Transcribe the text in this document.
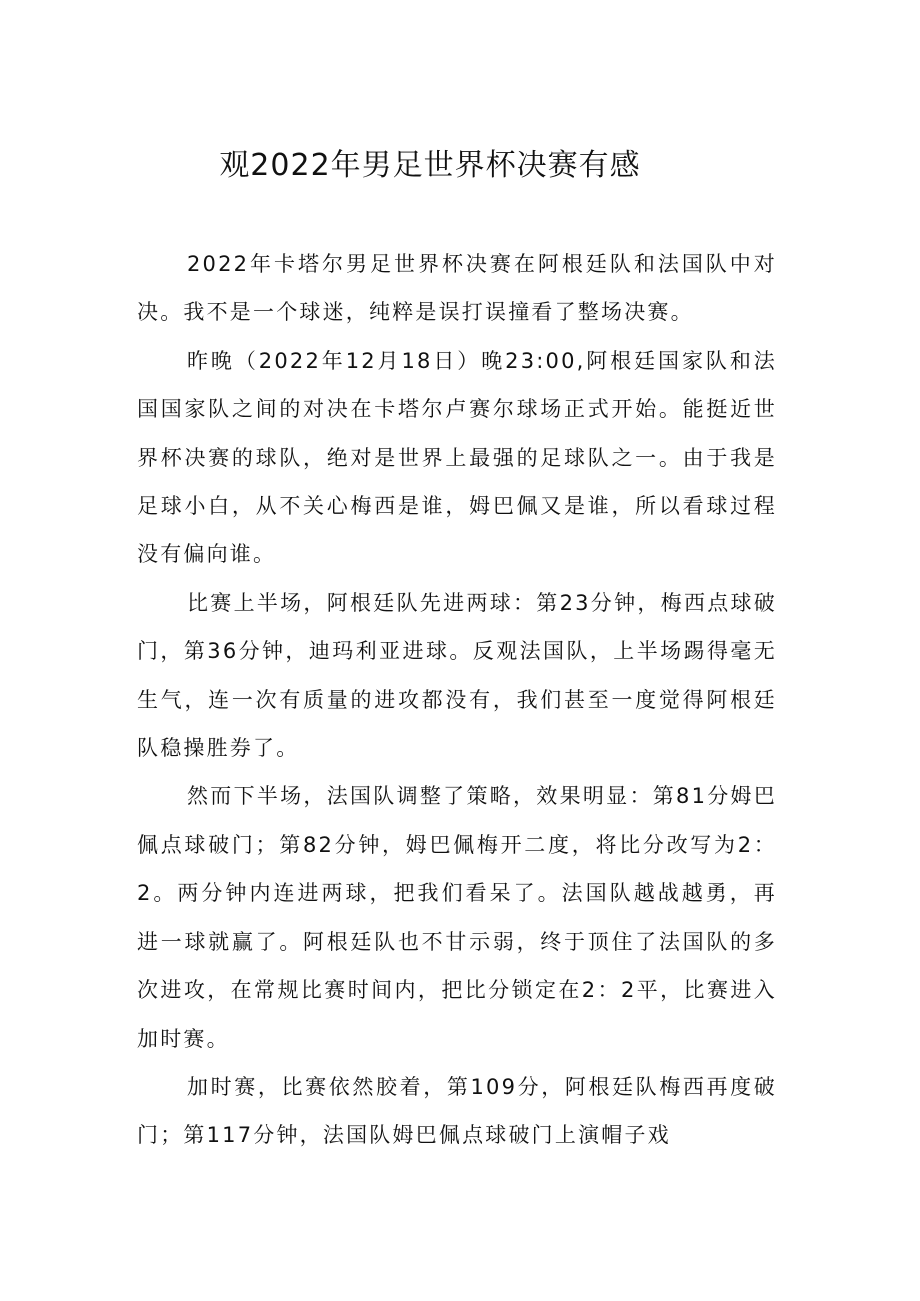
观2022年男足世界杯决赛有感

2022年卡塔尔男足世界杯决赛在阿根廷队和法国队中对决。我不是一个球迷，纯粹是误打误撞看了整场决赛。

昨晚（2022年12月18日）晚23:00,阿根廷国家队和法国国家队之间的对决在卡塔尔卢赛尔球场正式开始。能挺近世界杯决赛的球队，绝对是世界上最强的足球队之一。由于我是足球小白，从不关心梅西是谁，姆巴佩又是谁，所以看球过程没有偏向谁。

比赛上半场，阿根廷队先进两球：第23分钟，梅西点球破门，第36分钟，迪玛利亚进球。反观法国队，上半场踢得毫无生气，连一次有质量的进攻都没有，我们甚至一度觉得阿根廷队稳操胜券了。

然而下半场，法国队调整了策略，效果明显：第81分姆巴佩点球破门；第82分钟，姆巴佩梅开二度，将比分改写为2：2。两分钟内连进两球，把我们看呆了。法国队越战越勇，再进一球就赢了。阿根廷队也不甘示弱，终于顶住了法国队的多次进攻，在常规比赛时间内，把比分锁定在2：2平，比赛进入加时赛。

加时赛，比赛依然胶着，第109分，阿根廷队梅西再度破门；第117分钟，法国队姆巴佩点球破门上演帽子戏
